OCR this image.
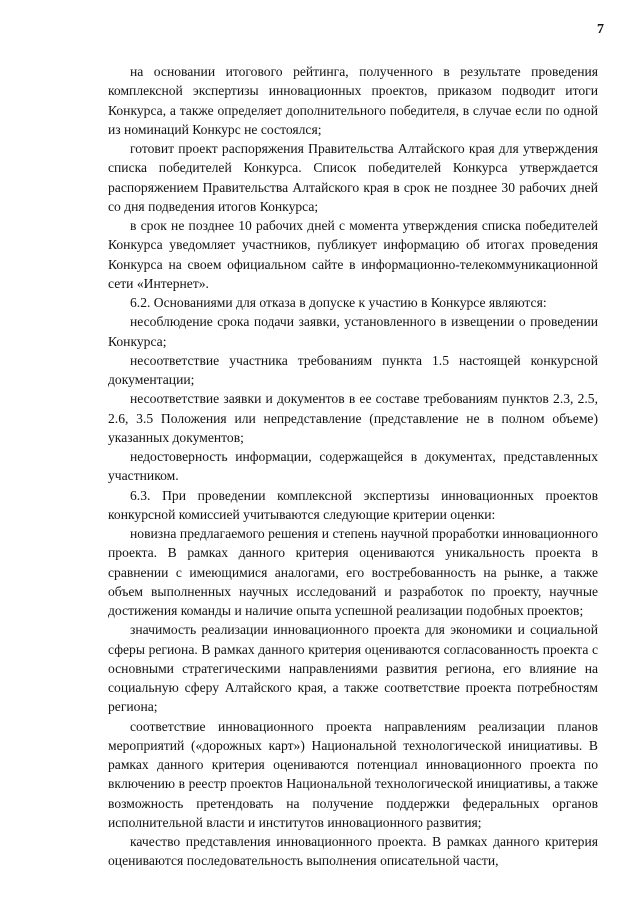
7

на основании итогового рейтинга, полученного в результате проведения комплексной экспертизы инновационных проектов, приказом подводит итоги Конкурса, а также определяет дополнительного победителя, в случае если по одной из номинаций Конкурс не состоялся;

готовит проект распоряжения Правительства Алтайского края для утверждения списка победителей Конкурса. Список победителей Конкурса утверждается распоряжением Правительства Алтайского края в срок не позднее 30 рабочих дней со дня подведения итогов Конкурса;

в срок не позднее 10 рабочих дней с момента утверждения списка победителей Конкурса уведомляет участников, публикует информацию об итогах проведения Конкурса на своем официальном сайте в информационно-телекоммуникационной сети «Интернет».

6.2. Основаниями для отказа в допуске к участию в Конкурсе являются:

несоблюдение срока подачи заявки, установленного в извещении о проведении Конкурса;

несоответствие участника требованиям пункта 1.5 настоящей конкурсной документации;

несоответствие заявки и документов в ее составе требованиям пунктов 2.3, 2.5, 2.6, 3.5 Положения или непредставление (представление не в полном объеме) указанных документов;

недостоверность информации, содержащейся в документах, представленных участником.

6.3. При проведении комплексной экспертизы инновационных проектов конкурсной комиссией учитываются следующие критерии оценки:

новизна предлагаемого решения и степень научной проработки инновационного проекта. В рамках данного критерия оцениваются уникальность проекта в сравнении с имеющимися аналогами, его востребованность на рынке, а также объем выполненных научных исследований и разработок по проекту, научные достижения команды и наличие опыта успешной реализации подобных проектов;

значимость реализации инновационного проекта для экономики и социальной сферы региона. В рамках данного критерия оцениваются согласованность проекта с основными стратегическими направлениями развития региона, его влияние на социальную сферу Алтайского края, а также соответствие проекта потребностям региона;

соответствие инновационного проекта направлениям реализации планов мероприятий («дорожных карт») Национальной технологической инициативы. В рамках данного критерия оцениваются потенциал инновационного проекта по включению в реестр проектов Национальной технологической инициативы, а также возможность претендовать на получение поддержки федеральных органов исполнительной власти и институтов инновационного развития;

качество представления инновационного проекта. В рамках данного критерия оцениваются последовательность выполнения описательной части,
